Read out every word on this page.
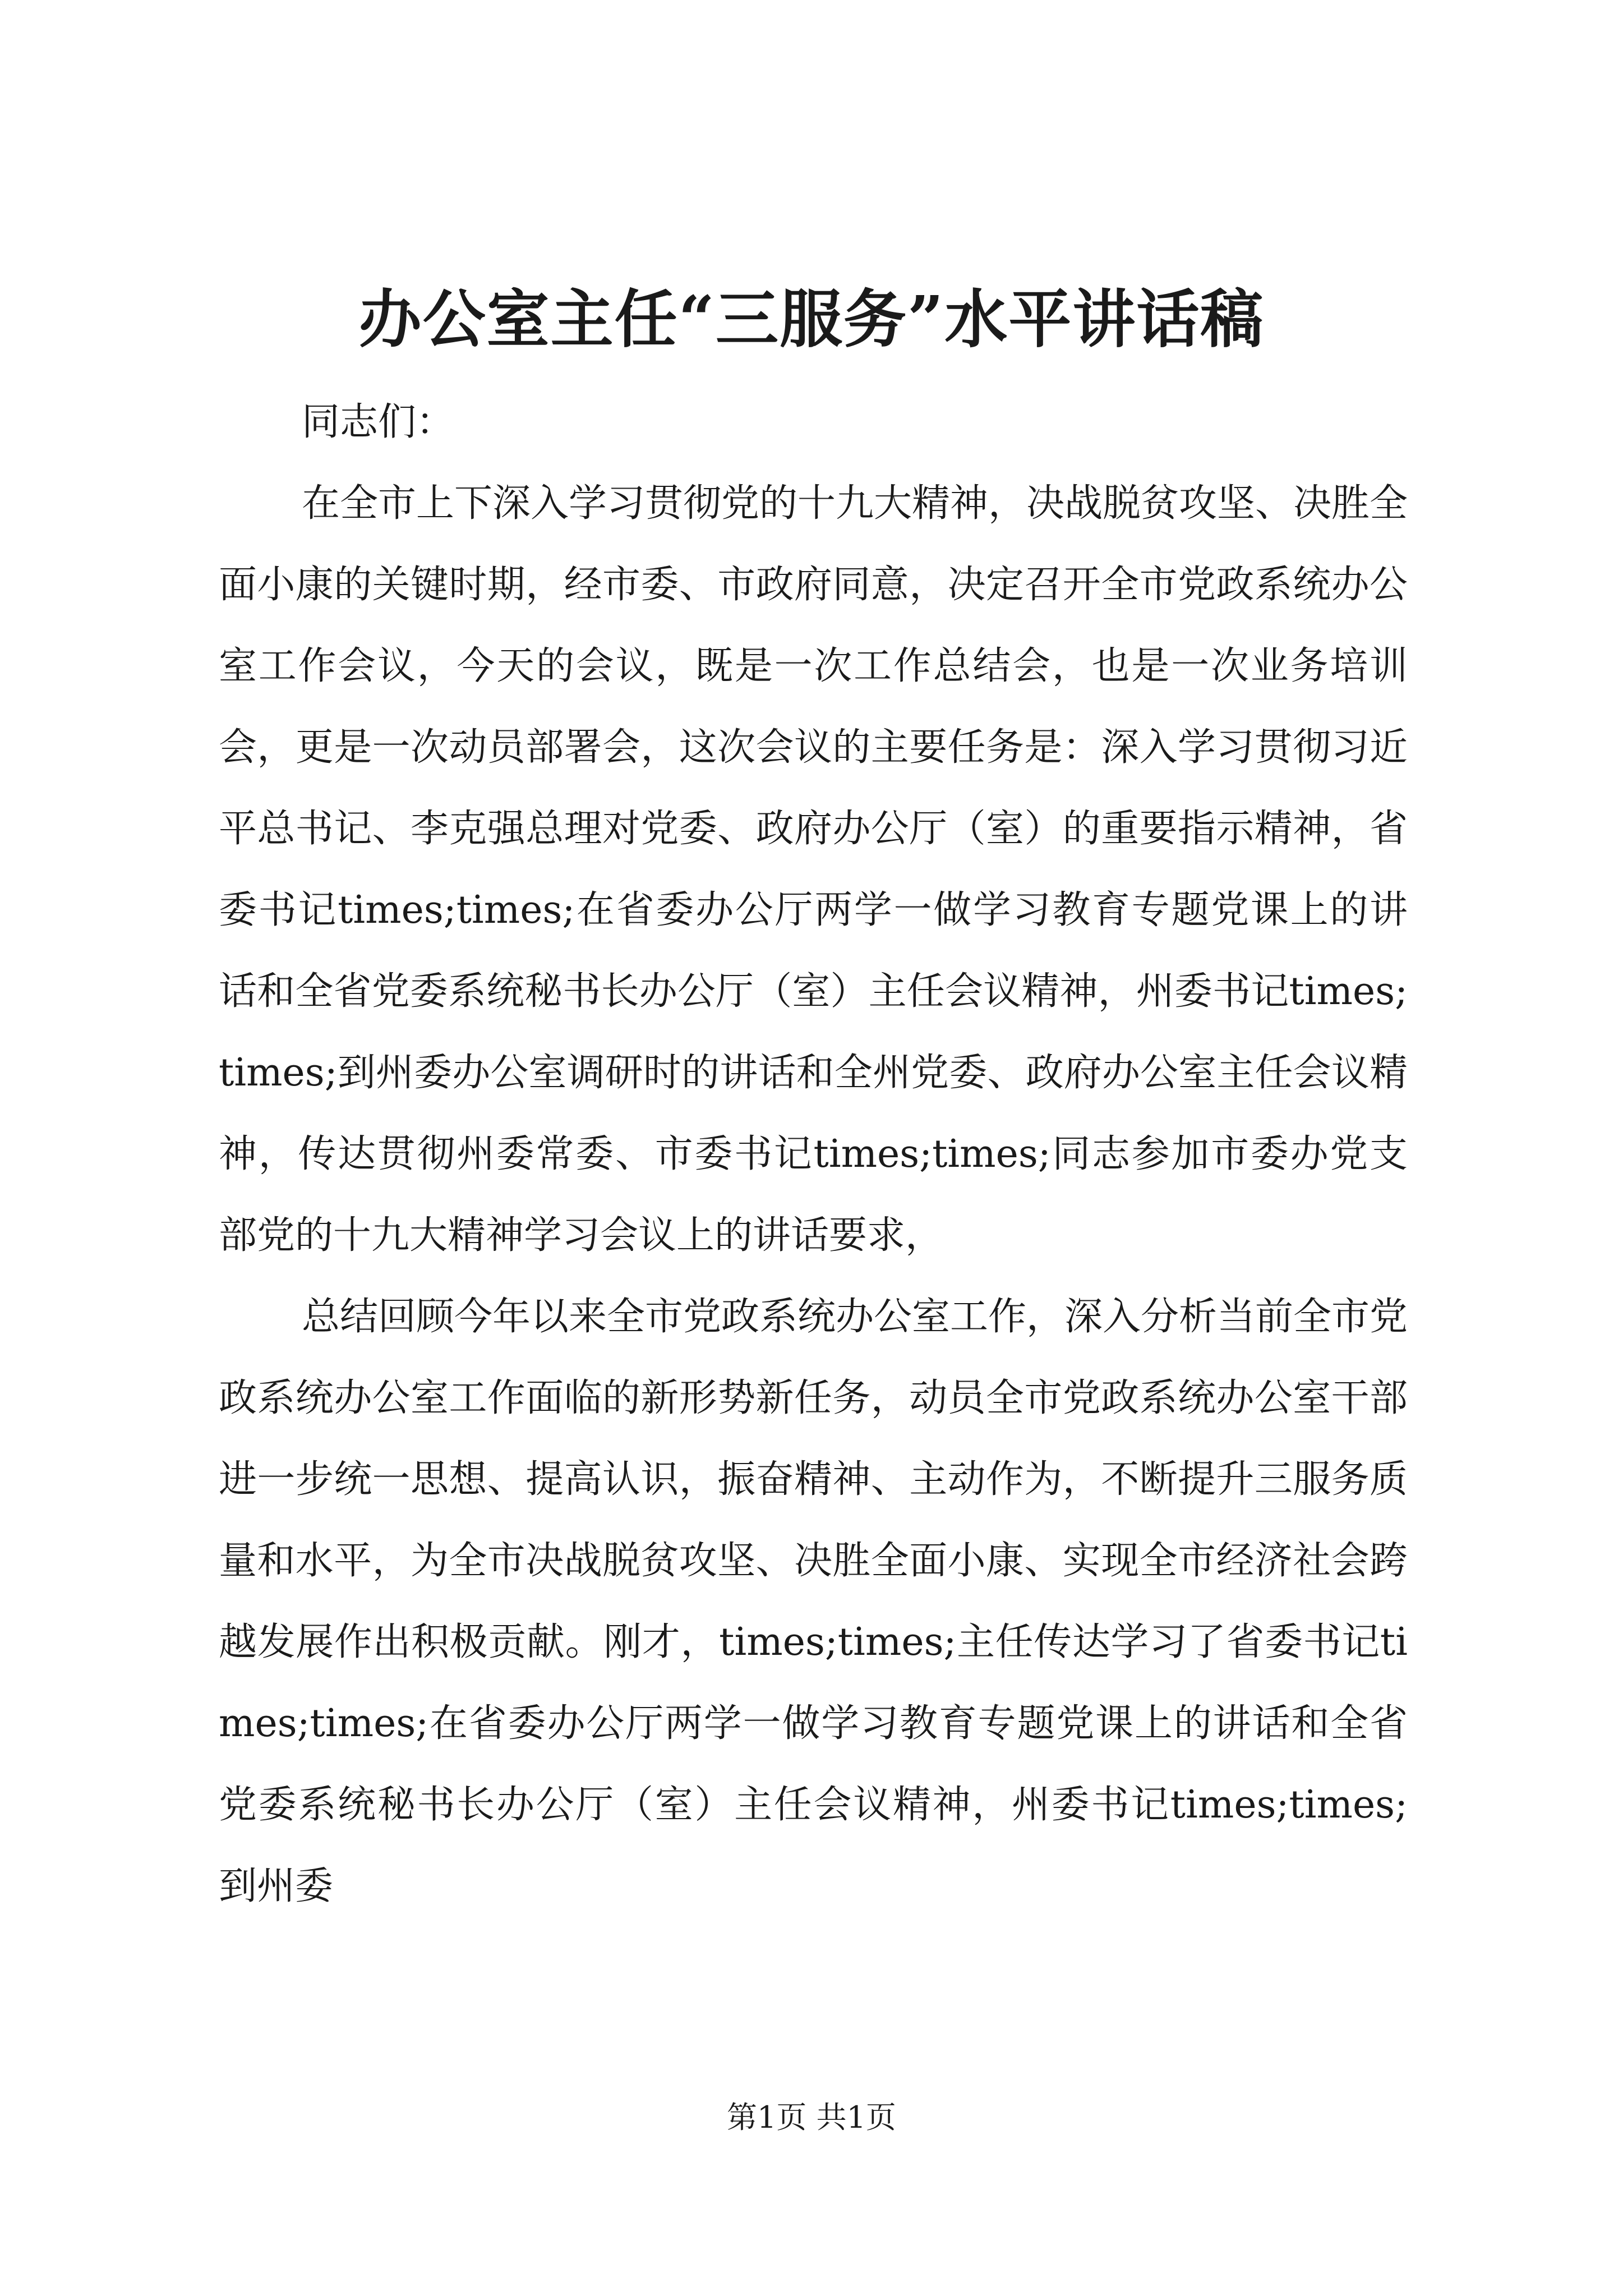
办公室主任“三服务”水平讲话稿

同志们：

在全市上下深入学习贯彻党的十九大精神，决战脱贫攻坚、决胜全面小康的关键时期，经市委、市政府同意，决定召开全市党政系统办公室工作会议，今天的会议，既是一次工作总结会，也是一次业务培训会，更是一次动员部署会，这次会议的主要任务是：深入学习贯彻习近平总书记、李克强总理对党委、政府办公厅（室）的重要指示精神，省委书记times;times;在省委办公厅两学一做学习教育专题党课上的讲话和全省党委系统秘书长办公厅（室）主任会议精神，州委书记times;times;到州委办公室调研时的讲话和全州党委、政府办公室主任会议精神，传达贯彻州委常委、市委书记times;times;同志参加市委办党支部党的十九大精神学习会议上的讲话要求，

总结回顾今年以来全市党政系统办公室工作，深入分析当前全市党政系统办公室工作面临的新形势新任务，动员全市党政系统办公室干部进一步统一思想、提高认识，振奋精神、主动作为，不断提升三服务质量和水平，为全市决战脱贫攻坚、决胜全面小康、实现全市经济社会跨越发展作出积极贡献。刚才，times;times;主任传达学习了省委书记times;times;在省委办公厅两学一做学习教育专题党课上的讲话和全省党委系统秘书长办公厅（室）主任会议精神，州委书记times;times;到州委

第1页 共1页
